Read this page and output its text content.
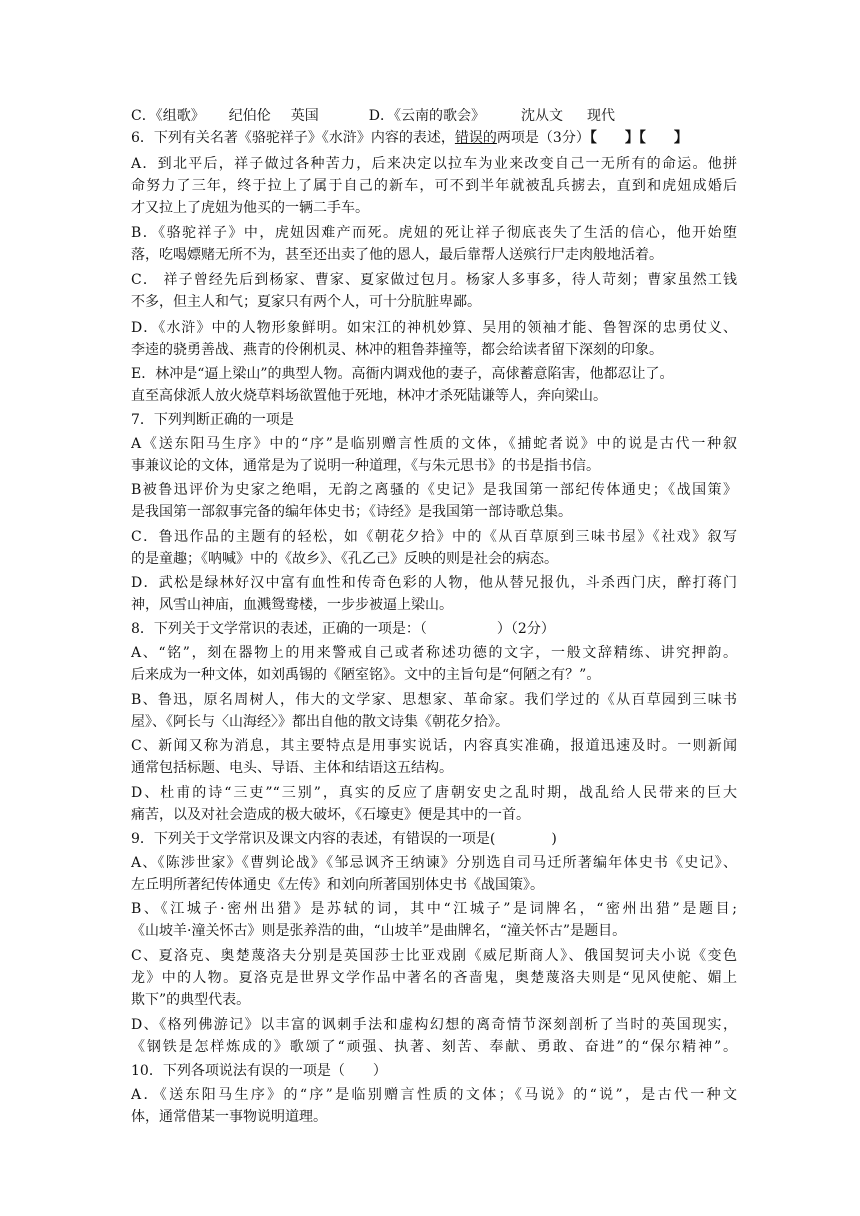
C．《组歌》 纪伯伦 英国	D．《云南的歌会》	沈从文 现代
6．下列有关名著《骆驼祥子》《水浒》内容的表述，错误的两项是（3分）【　　】【　　】
A．到北平后，祥子做过各种苦力，后来决定以拉车为业来改变自己一无所有的命运。他拼
命努力了三年，终于拉上了属于自己的新车，可不到半年就被乱兵掳去，直到和虎妞成婚后
才又拉上了虎妞为他买的一辆二手车。
B．《骆驼祥子》中，虎妞因难产而死。虎妞的死让祥子彻底丧失了生活的信心，他开始堕
落，吃喝嫖赌无所不为，甚至还出卖了他的恩人，最后靠帮人送殡行尸走肉般地活着。
C． 祥子曾经先后到杨家、曹家、夏家做过包月。杨家人多事多，待人苛刻；曹家虽然工钱
不多，但主人和气；夏家只有两个人，可十分肮脏卑鄙。
D．《水浒》中的人物形象鲜明。如宋江的神机妙算、吴用的领袖才能、鲁智深的忠勇仗义、
李逵的骁勇善战、燕青的伶俐机灵、林冲的粗鲁莽撞等，都会给读者留下深刻的印象。
E．林冲是“逼上梁山”的典型人物。高衙内调戏他的妻子，高俅蓄意陷害，他都忍让了。
直至高俅派人放火烧草料场欲置他于死地，林冲才杀死陆谦等人，奔向梁山。
7．下列判断正确的一项是
A《送东阳马生序》中的“序”是临别赠言性质的文体，《捕蛇者说》中的说是古代一种叙
事兼议论的文体，通常是为了说明一种道理，《与朱元思书》的书是指书信。
B被鲁迅评价为史家之绝唱，无韵之离骚的《史记》是我国第一部纪传体通史；《战国策》
是我国第一部叙事完备的编年体史书；《诗经》是我国第一部诗歌总集。
C．鲁迅作品的主题有的轻松，如《朝花夕拾》中的《从百草原到三味书屋》《社戏》叙写
的是童趣；《呐喊》中的《故乡》、《孔乙己》反映的则是社会的病态。
D．武松是绿林好汉中富有血性和传奇色彩的人物，他从替兄报仇，斗杀西门庆，醉打蒋门
神，风雪山神庙，血溅鸳鸯楼，一步步被逼上梁山。
8．下列关于文学常识的表述，正确的一项是：（　　　　　）（2分）
A、“铭”，刻在器物上的用来警戒自己或者称述功德的文字，一般文辞精练、讲究押韵。
后来成为一种文体，如刘禹锡的《陋室铭》。文中的主旨句是“何陋之有？”。
B、鲁迅，原名周树人，伟大的文学家、思想家、革命家。我们学过的《从百草园到三味书
屋》、《阿长与〈山海经〉》都出自他的散文诗集《朝花夕拾》。
C、新闻又称为消息，其主要特点是用事实说话，内容真实准确，报道迅速及时。一则新闻
通常包括标题、电头、导语、主体和结语这五结构。
D、杜甫的诗“三吏”“三别”，真实的反应了唐朝安史之乱时期，战乱给人民带来的巨大
痛苦，以及对社会造成的极大破坏，《石壕吏》便是其中的一首。
9．下列关于文学常识及课文内容的表述，有错误的一项是(　　　　)
A、《陈涉世家》《曹刿论战》《邹忌讽齐王纳谏》分别选自司马迁所著编年体史书《史记》、
左丘明所著纪传体通史《左传》和刘向所著国别体史书《战国策》。
B、《江城子·密州出猎》是苏轼的词，其中“江城子”是词牌名，“密州出猎”是题目;
《山坡羊·潼关怀古》则是张养浩的曲，“山坡羊”是曲牌名，“潼关怀古”是题目。
C、夏洛克、奥楚蔑洛夫分别是英国莎士比亚戏剧《威尼斯商人》、俄国契诃夫小说《变色
龙》中的人物。夏洛克是世界文学作品中著名的吝啬鬼，奥楚蔑洛夫则是“见风使舵、媚上
欺下”的典型代表。
D、《格列佛游记》以丰富的讽刺手法和虚构幻想的离奇情节深刻剖析了当时的英国现实，
《钢铁是怎样炼成的》歌颂了“顽强、执著、刻苦、奉献、勇敢、奋进”的“保尔精神”。
10．下列各项说法有误的一项是（　　）
A．《送东阳马生序》的“序”是临别赠言性质的文体；《马说》的“说”，是古代一种文
体，通常借某一事物说明道理。
